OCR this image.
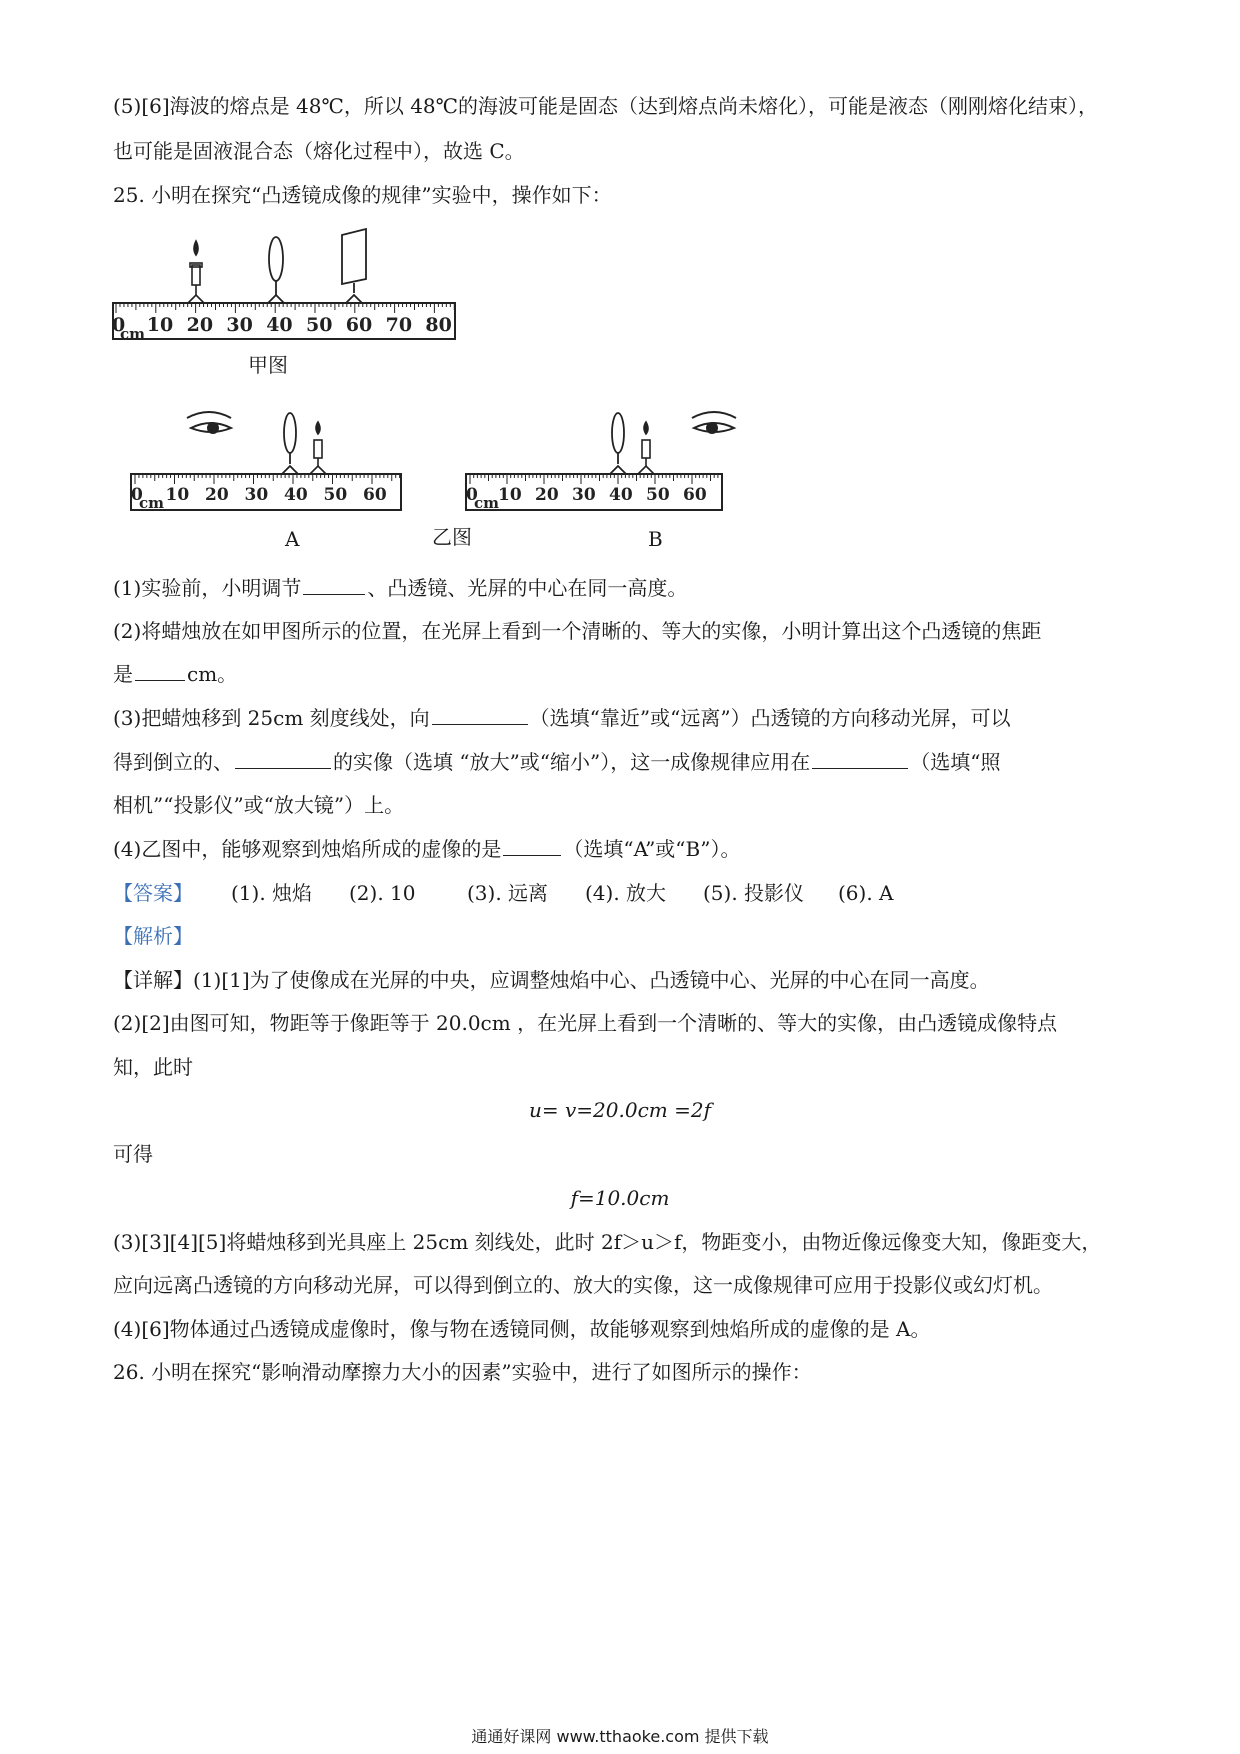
(5)[6]海波的熔点是 48℃，所以 48℃的海波可能是固态（达到熔点尚未熔化），可能是液态（刚刚熔化结束），
也可能是固液混合态（熔化过程中），故选 C。
25. 小明在探究“凸透镜成像的规律”实验中，操作如下：
0 10 20 30 40 50 60 70 80
cm
甲图
0 10 20 30 40 50 60
cm	0 10 20 30 40 50 60
cm
A	乙图	B
(1)实验前，小明调节	、凸透镜、光屏的中心在同一高度。
(2)将蜡烛放在如甲图所示的位置，在光屏上看到一个清晰的、等大的实像，小明计算出这个凸透镜的焦距
是	cm。
(3)把蜡烛移到 25cm 刻度线处，向	（选填“靠近”或“远离”）凸透镜的方向移动光屏，可以
得到倒立的、	的实像（选填 “放大”或“缩小”），这一成像规律应用在	（选填“照
相机”“投影仪”或“放大镜”）上。
(4)乙图中，能够观察到烛焰所成的虚像的是	（选填“A”或“B”）。
【答案】 (1). 烛焰 (2). 10	(3). 远离 (4). 放大 (5). 投影仪 (6). A
【解析】
【详解】(1)[1]为了使像成在光屏的中央，应调整烛焰中心、凸透镜中心、光屏的中心在同一高度。
(2)[2]由图可知，物距等于像距等于 20.0cm ，在光屏上看到一个清晰的、等大的实像，由凸透镜成像特点
知，此时
u= v=20.0cm =2f
可得
f=10.0cm
(3)[3][4][5]将蜡烛移到光具座上 25cm 刻线处，此时 2f＞u＞f，物距变小，由物近像远像变大知，像距变大，
应向远离凸透镜的方向移动光屏，可以得到倒立的、放大的实像，这一成像规律可应用于投影仪或幻灯机。
(4)[6]物体通过凸透镜成虚像时，像与物在透镜同侧，故能够观察到烛焰所成的虚像的是 A。
26. 小明在探究“影响滑动摩擦力大小的因素”实验中，进行了如图所示的操作：
通通好课网 www.tthaoke.com 提供下载
